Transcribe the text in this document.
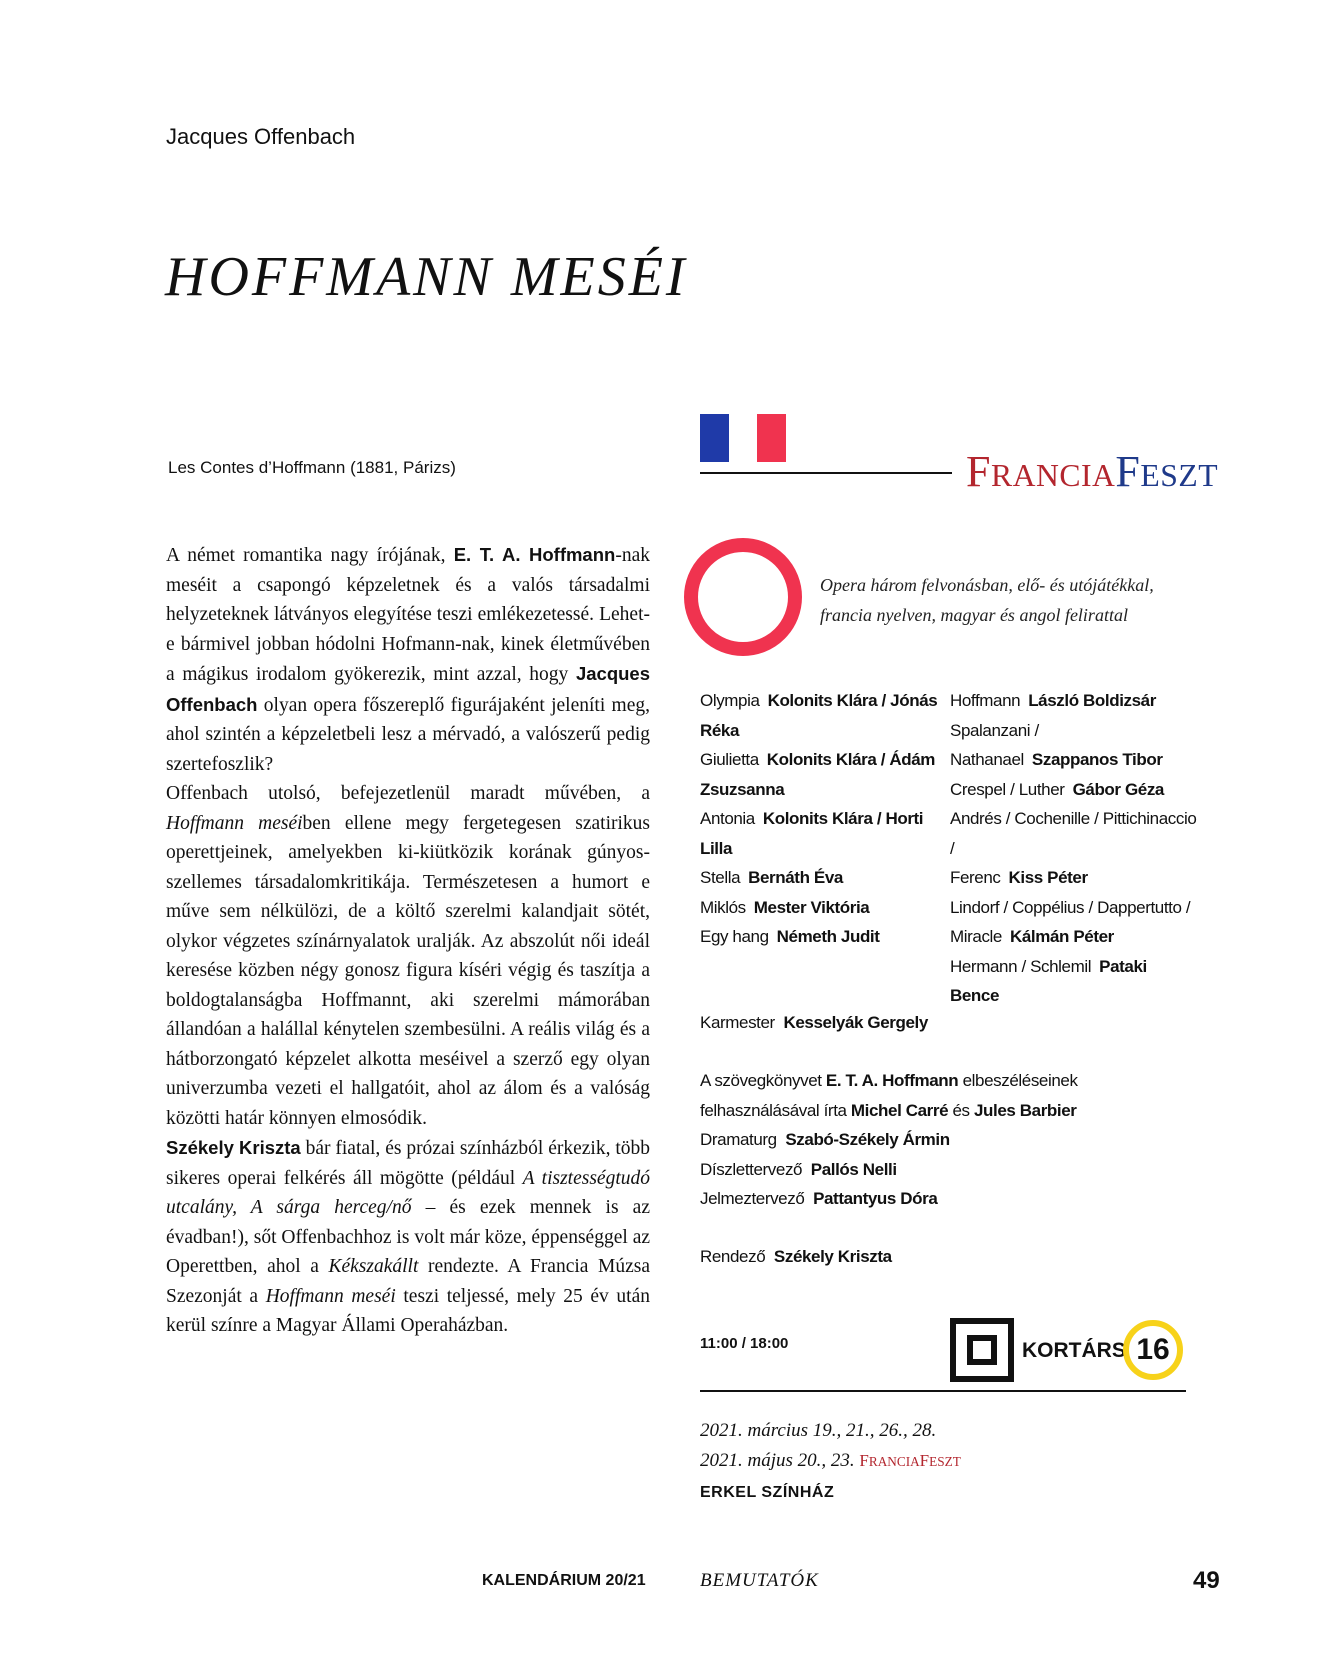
Jacques Offenbach
HOFFMANN MESÉI
Les Contes d’Hoffmann (1881, Párizs)	FRANCIAFESZT

A német romantika nagy írójának, E. T. A. Hoffmann-nak meséit a csapongó képzeletnek és a valós társadalmi helyzeteknek látványos elegyítése teszi emlékezetessé. Lehet-e bármivel jobban hódolni Hofmann-nak, kinek életművében a mágikus irodalom gyökerezik, mint azzal, hogy Jacques Offenbach olyan opera főszereplő figurájaként jeleníti meg, ahol szintén a képzeletbeli lesz a mérvadó, a valószerű pedig szertefoszlik?

Offenbach utolsó, befejezetlenül maradt művében, a Hoffmann meséiben ellene megy fergetegesen szatirikus operettjeinek, amelyekben ki-kiütközik korának gúnyos-szellemes társadalomkritikája. Természetesen a humort e műve sem nélkülözi, de a költő szerelmi kalandjait sötét, olykor végzetes színárnyalatok uralják. Az abszolút női ideál keresése közben négy gonosz figura kíséri végig és taszítja a boldogtalanságba Hoffmannt, aki szerelmi mámorában állandóan a halállal kénytelen szembesülni. A reális világ és a hátborzongató képzelet alkotta meséivel a szerző egy olyan univerzumba vezeti el hallgatóit, ahol az álom és a valóság közötti határ könnyen elmosódik.

Székely Kriszta bár fiatal, és prózai színházból érkezik, több sikeres operai felkérés áll mögötte (például A tisztességtudó utcalány, A sárga herceg/nő – és ezek mennek is az évadban!), sőt Offenbachhoz is volt már köze, éppenséggel az Operettben, ahol a Kékszakállt rendezte. A Francia Múzsa Szezonját a Hoffmann meséi teszi teljessé, mely 25 év után kerül színre a Magyar Állami Operaházban.

Opera három felvonásban, elő- és utójátékkal,
francia nyelven, magyar és angol felirattal
Olympia Kolonits Klára / Jónás Réka
Giulietta Kolonits Klára / Ádám Zsuzsanna
Antonia Kolonits Klára / Horti Lilla
Stella Bernáth Éva
Miklós Mester Viktória
Egy hang Németh Judit
Hoffmann László Boldizsár
Spalanzani /
Nathanael Szappanos Tibor
Crespel / Luther Gábor Géza
Andrés / Cochenille / Pittichinaccio /
Ferenc Kiss Péter
Lindorf / Coppélius / Dappertutto /
Miracle Kálmán Péter
Hermann / Schlemil Pataki Bence
Karmester Kesselyák Gergely
A szövegkönyvet E. T. A. Hoffmann elbeszéléseinek
felhasználásával írta Michel Carré és Jules Barbier
Dramaturg Szabó-Székely Ármin
Díszlettervező Pallós Nelli
Jelmeztervező Pattantyus Dóra
Rendező Székely Kriszta
11:00 / 18:00	KORTÁRS 16
2021. március 19., 21., 26., 28.
2021. május 20., 23. FRANCIAFESZT
ERKEL SZÍNHÁZ
KALENDÁRIUM 20/21	BEMUTATÓK	49
